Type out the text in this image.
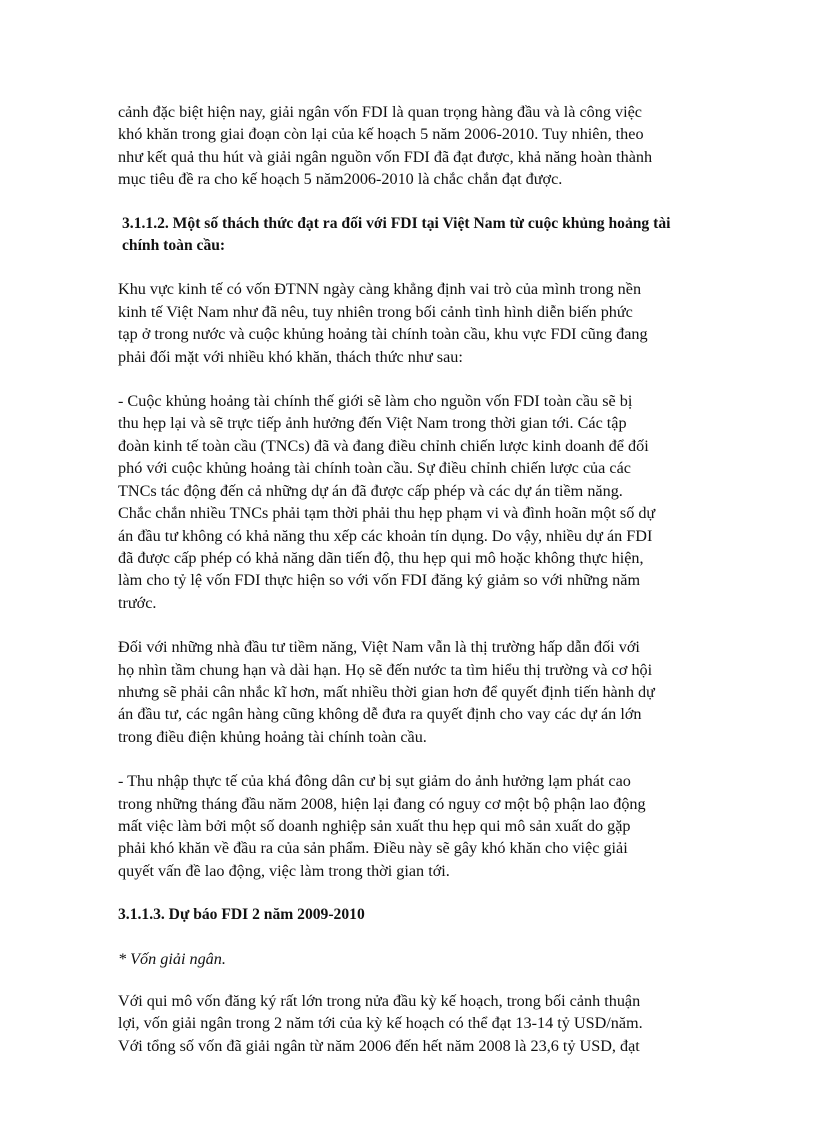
cảnh đặc biệt hiện nay, giải ngân vốn FDI là quan trọng hàng đầu và là công việc
khó khăn trong giai đoạn còn lại của kế hoạch 5 năm 2006-2010. Tuy nhiên, theo
như kết quả thu hút và giải ngân nguồn vốn FDI đã đạt được, khả năng hoàn thành
mục tiêu đề ra cho kế hoạch 5 năm2006-2010 là chắc chắn đạt được.

3.1.1.2. Một số thách thức đạt ra đối với FDI tại Việt Nam từ cuộc khủng hoảng tài
chính toàn cầu:

Khu vực kinh tế có vốn ĐTNN ngày càng khẳng định vai trò của mình trong nền
kinh tế Việt Nam như đã nêu, tuy nhiên trong bối cảnh tình hình diễn biến phức
tạp ở trong nước và cuộc khủng hoảng tài chính toàn cầu, khu vực FDI cũng đang
phải đối mặt với nhiều khó khăn, thách thức như sau:

- Cuộc khủng hoảng tài chính thế giới sẽ làm cho nguồn vốn FDI toàn cầu sẽ bị
thu hẹp lại và sẽ trực tiếp ảnh hưởng đến Việt Nam trong thời gian tới. Các tập
đoàn kinh tế toàn cầu (TNCs) đã và đang điều chỉnh chiến lược kinh doanh để đối
phó với cuộc khủng hoảng tài chính toàn cầu. Sự điều chỉnh chiến lược của các
TNCs tác động đến cả những dự án đã được cấp phép và các dự án tiềm năng.
Chắc chắn nhiều TNCs phải tạm thời phải thu hẹp phạm vi và đình hoãn một số dự
án đầu tư không có khả năng thu xếp các khoản tín dụng. Do vậy, nhiều dự án FDI
đã được cấp phép có khả năng dãn tiến độ, thu hẹp qui mô hoặc không thực hiện,
làm cho tỷ lệ vốn FDI thực hiện so với vốn FDI đăng ký giảm so với những năm
trước.

Đối với những nhà đầu tư tiềm năng, Việt Nam vẫn là thị trường hấp dẫn đối với
họ nhìn tầm chung hạn và dài hạn. Họ sẽ đến nước ta tìm hiểu thị trường và cơ hội
nhưng sẽ phải cân nhắc kĩ hơn, mất nhiều thời gian hơn để quyết định tiến hành dự
án đầu tư, các ngân hàng cũng không dễ đưa ra quyết định cho vay các dự án lớn
trong điều điện khủng hoảng tài chính toàn cầu.

- Thu nhập thực tế của khá đông dân cư bị sụt giảm do ảnh hưởng lạm phát cao
trong những tháng đầu năm 2008, hiện lại đang có nguy cơ một bộ phận lao động
mất việc làm bởi một số doanh nghiệp sản xuất thu hẹp qui mô sản xuất do gặp
phải khó khăn về đầu ra của sản phẩm. Điều này sẽ gây khó khăn cho việc giải
quyết vấn đề lao động, việc làm trong thời gian tới.

3.1.1.3. Dự báo FDI 2 năm 2009-2010

* Vốn giải ngân.

Với qui mô vốn đăng ký rất lớn trong nửa đầu kỳ kế hoạch, trong bối cảnh thuận
lợi, vốn giải ngân trong 2 năm tới của kỳ kế hoạch có thể đạt 13-14 tỷ USD/năm.
Với tổng số vốn đã giải ngân từ năm 2006 đến hết năm 2008 là 23,6 tỷ USD, đạt
